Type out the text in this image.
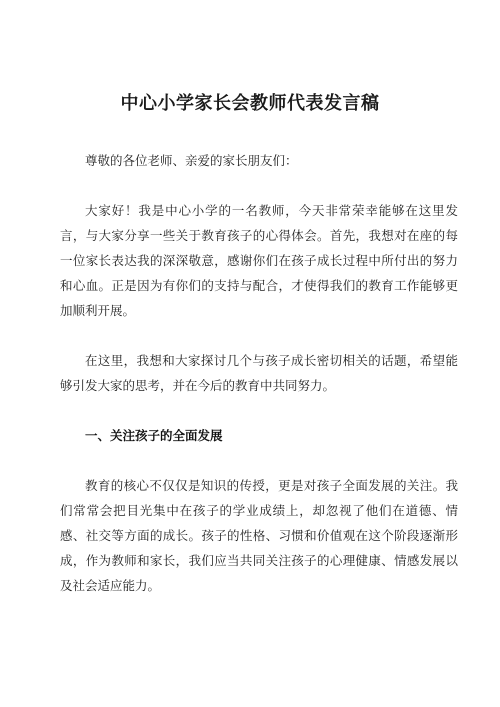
中心小学家长会教师代表发言稿

尊敬的各位老师、亲爱的家长朋友们：

大家好！我是中心小学的一名教师，今天非常荣幸能够在这里发言，与大家分享一些关于教育孩子的心得体会。首先，我想对在座的每一位家长表达我的深深敬意，感谢你们在孩子成长过程中所付出的努力和心血。正是因为有你们的支持与配合，才使得我们的教育工作能够更加顺利开展。

在这里，我想和大家探讨几个与孩子成长密切相关的话题，希望能够引发大家的思考，并在今后的教育中共同努力。

一、关注孩子的全面发展

教育的核心不仅仅是知识的传授，更是对孩子全面发展的关注。我们常常会把目光集中在孩子的学业成绩上，却忽视了他们在道德、情感、社交等方面的成长。孩子的性格、习惯和价值观在这个阶段逐渐形成，作为教师和家长，我们应当共同关注孩子的心理健康、情感发展以及社会适应能力。
